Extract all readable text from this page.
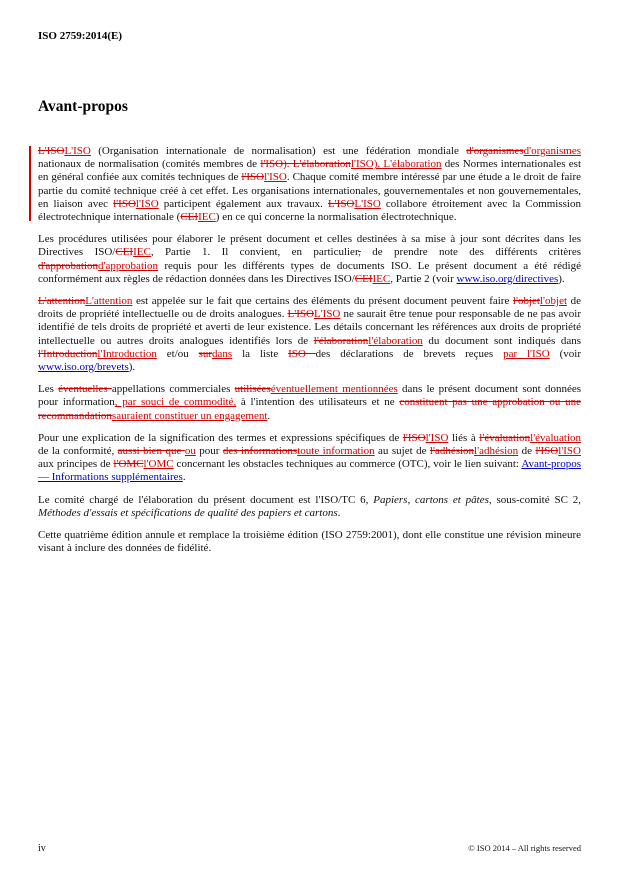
ISO 2759:2014(E)
Avant-propos

L'ISOL'ISO (Organisation internationale de normalisation) est une fédération mondiale d'organismesd'organismes nationaux de normalisation (comités membres de l'ISO). L'élaborationl'ISO). L'élaboration des Normes internationales est en général confiée aux comités techniques de l'ISOl'ISO. Chaque comité membre intéressé par une étude a le droit de faire partie du comité technique créé à cet effet. Les organisations internationales, gouvernementales et non gouvernementales, en liaison avec l'ISOl'ISO participent également aux travaux. L'ISOL'ISO collabore étroitement avec la Commission électrotechnique internationale (CEIIEC) en ce qui concerne la normalisation électrotechnique.

Les procédures utilisées pour élaborer le présent document et celles destinées à sa mise à jour sont décrites dans les Directives ISO/CEIIEC, Partie 1. Il convient, en particulier, de prendre note des différents critères d'approbationd'approbation requis pour les différents types de documents ISO. Le présent document a été rédigé conformément aux règles de rédaction données dans les Directives ISO/CEIIEC, Partie 2 (voir www.iso.org/directives).

L'attentionL'attention est appelée sur le fait que certains des éléments du présent document peuvent faire l'objetl'objet de droits de propriété intellectuelle ou de droits analogues. L'ISOL'ISO ne saurait être tenue pour responsable de ne pas avoir identifié de tels droits de propriété et averti de leur existence. Les détails concernant les références aux droits de propriété intellectuelle ou autres droits analogues identifiés lors de l'élaborationl'élaboration du document sont indiqués dans l'Introductionl'Introduction et/ou surdans la liste ISO des déclarations de brevets reçues par l'ISO (voir www.iso.org/brevets).

Les éventuelles appellations commerciales utiliséeséventuellement mentionnées dans le présent document sont données pour information, par souci de commodité, à l'intention des utilisateurs et ne constituent pas une approbation ou une recommandationsauraient constituer un engagement.

Pour une explication de la signification des termes et expressions spécifiques de l'ISOl'ISO liés à l'évaluationl'évaluation de la conformité, aussi bien que ou pour des informationstoute information au sujet de l'adhésionl'adhésion de l'ISOl'ISO aux principes de l'OMCl'OMC concernant les obstacles techniques au commerce (OTC), voir le lien suivant: Avant-propos — Informations supplémentaires.

Le comité chargé de l'élaboration du présent document est l'ISO/TC 6, Papiers, cartons et pâtes, sous-comité SC 2, Méthodes d'essais et spécifications de qualité des papiers et cartons.

Cette quatrième édition annule et remplace la troisième édition (ISO 2759:2001), dont elle constitue une révision mineure visant à inclure des données de fidélité.

iv	© ISO 2014 – All rights reserved
